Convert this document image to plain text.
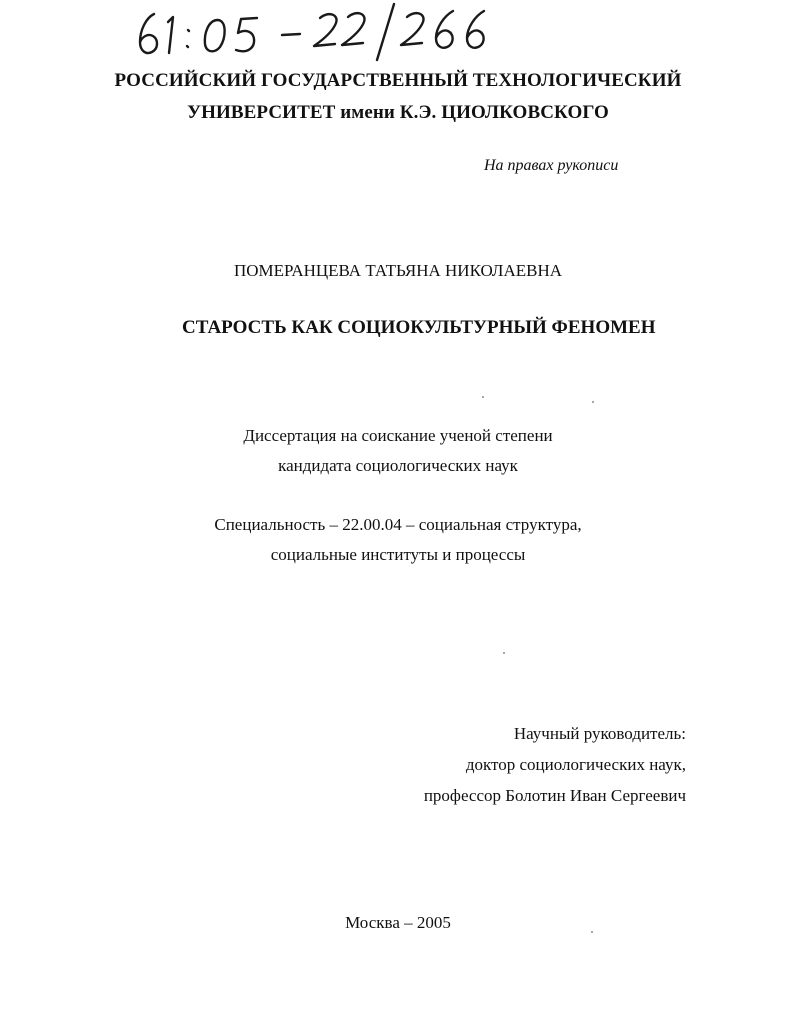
РОССИЙСКИЙ ГОСУДАРСТВЕННЫЙ ТЕХНОЛОГИЧЕСКИЙ
УНИВЕРСИТЕТ имени К.Э. ЦИОЛКОВСКОГО
На правах рукописи
ПОМЕРАНЦЕВА ТАТЬЯНА НИКОЛАЕВНА
СТАРОСТЬ КАК СОЦИОКУЛЬТУРНЫЙ ФЕНОМЕН
Диссертация на соискание ученой степени
кандидата социологических наук
Специальность – 22.00.04 – социальная структура,
социальные институты и процессы
Научный руководитель:
доктор социологических наук,
профессор Болотин Иван Сергеевич
Москва – 2005
